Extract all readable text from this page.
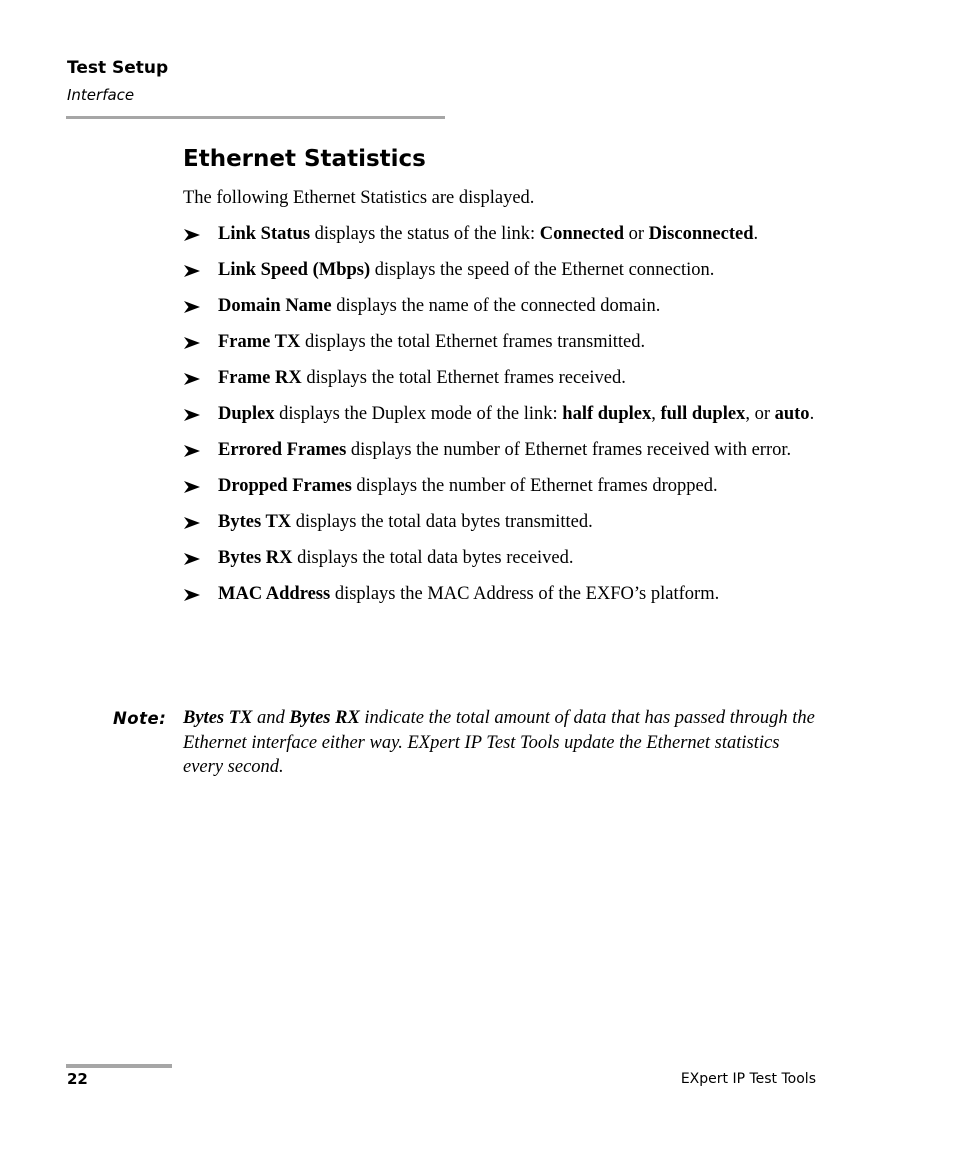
Test Setup
Interface
Ethernet Statistics

The following Ethernet Statistics are displayed.

Link Status displays the status of the link: Connected or Disconnected.
Link Speed (Mbps) displays the speed of the Ethernet connection.
Domain Name displays the name of the connected domain.
Frame TX displays the total Ethernet frames transmitted.
Frame RX displays the total Ethernet frames received.
Duplex displays the Duplex mode of the link: half duplex, full duplex, or auto.
Errored Frames displays the number of Ethernet frames received with error.
Dropped Frames displays the number of Ethernet frames dropped.
Bytes TX displays the total data bytes transmitted.
Bytes RX displays the total data bytes received.
MAC Address displays the MAC Address of the EXFO’s platform.
Note: Bytes TX and Bytes RX indicate the total amount of data that has passed through the Ethernet interface either way. EXpert IP Test Tools update the Ethernet statistics every second.
22	EXpert IP Test Tools
